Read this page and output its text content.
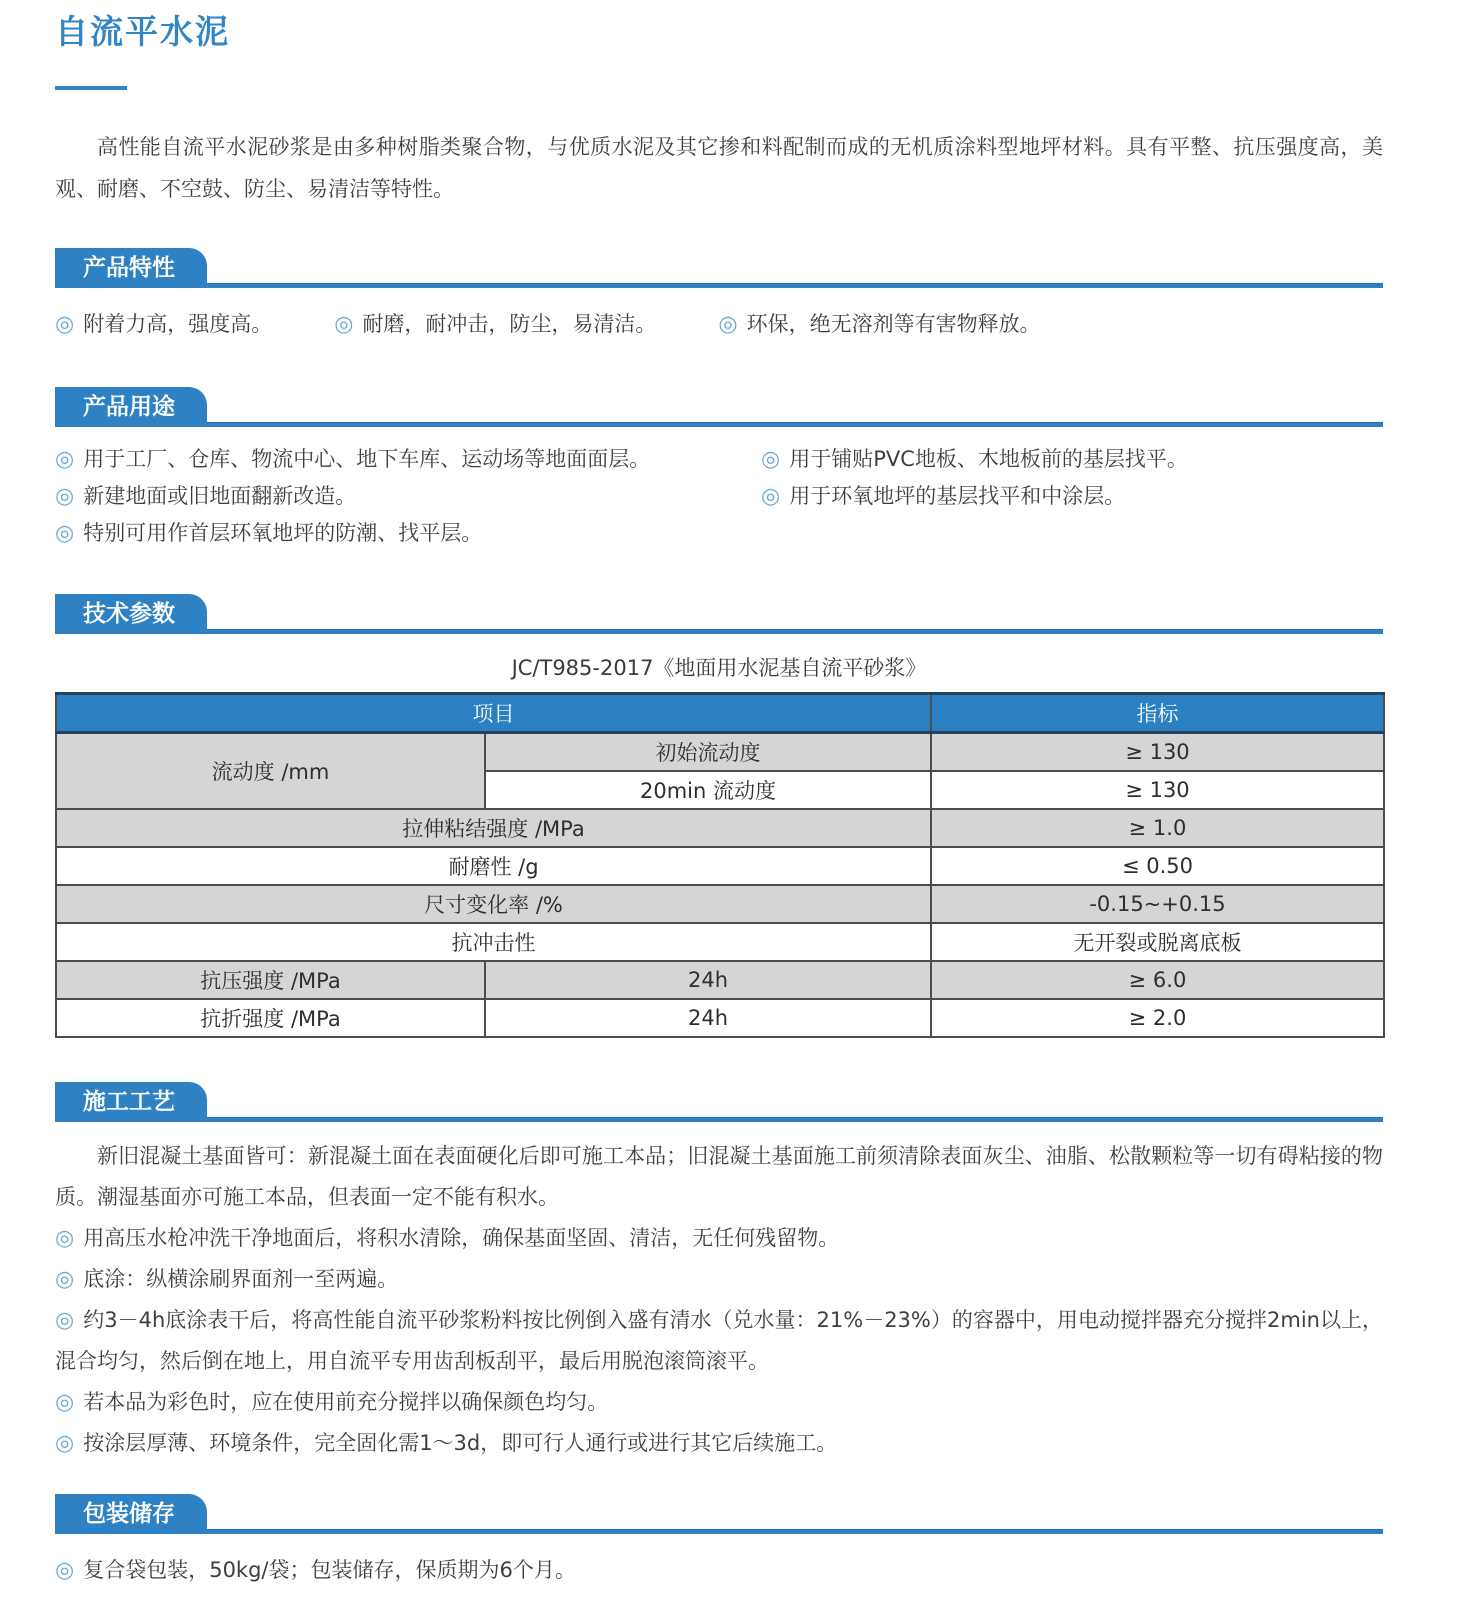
自流平水泥

高性能自流平水泥砂浆是由多种树脂类聚合物，与优质水泥及其它掺和料配制而成的无机质涂料型地坪材料。具有平整、抗压强度高，美观、耐磨、不空鼓、防尘、易清洁等特性。

产品特性

◎ 附着力高，强度高。	◎ 耐磨，耐冲击，防尘，易清洁。	◎ 环保，绝无溶剂等有害物释放。

产品用途

◎ 用于工厂、仓库、物流中心、地下车库、运动场等地面面层。

◎ 新建地面或旧地面翻新改造。

◎ 特别可用作首层环氧地坪的防潮、找平层。

◎ 用于铺贴PVC地板、木地板前的基层找平。

◎ 用于环氧地坪的基层找平和中涂层。

技术参数

JC/T985-2017《地面用水泥基自流平砂浆》

项目		指标
流动度 /mm	初始流动度	≥ 130
	20min 流动度	≥ 130
拉伸粘结强度 /MPa		≥ 1.0
耐磨性 /g		≤ 0.50
尺寸变化率 /%		-0.15~+0.15
抗冲击性		无开裂或脱离底板
抗压强度 /MPa	24h	≥ 6.0
抗折强度 /MPa	24h	≥ 2.0
施工工艺

新旧混凝土基面皆可：新混凝土面在表面硬化后即可施工本品；旧混凝土基面施工前须清除表面灰尘、油脂、松散颗粒等一切有碍粘接的物质。潮湿基面亦可施工本品，但表面一定不能有积水。

◎ 用高压水枪冲洗干净地面后，将积水清除，确保基面坚固、清洁，无任何残留物。

◎ 底涂：纵横涂刷界面剂一至两遍。

◎ 约3－4h底涂表干后，将高性能自流平砂浆粉料按比例倒入盛有清水（兑水量：21%－23%）的容器中，用电动搅拌器充分搅拌2min以上，混合均匀，然后倒在地上，用自流平专用齿刮板刮平，最后用脱泡滚筒滚平。

◎ 若本品为彩色时，应在使用前充分搅拌以确保颜色均匀。

◎ 按涂层厚薄、环境条件，完全固化需1～3d，即可行人通行或进行其它后续施工。

包装储存

◎ 复合袋包装，50kg/袋；包装储存，保质期为6个月。
